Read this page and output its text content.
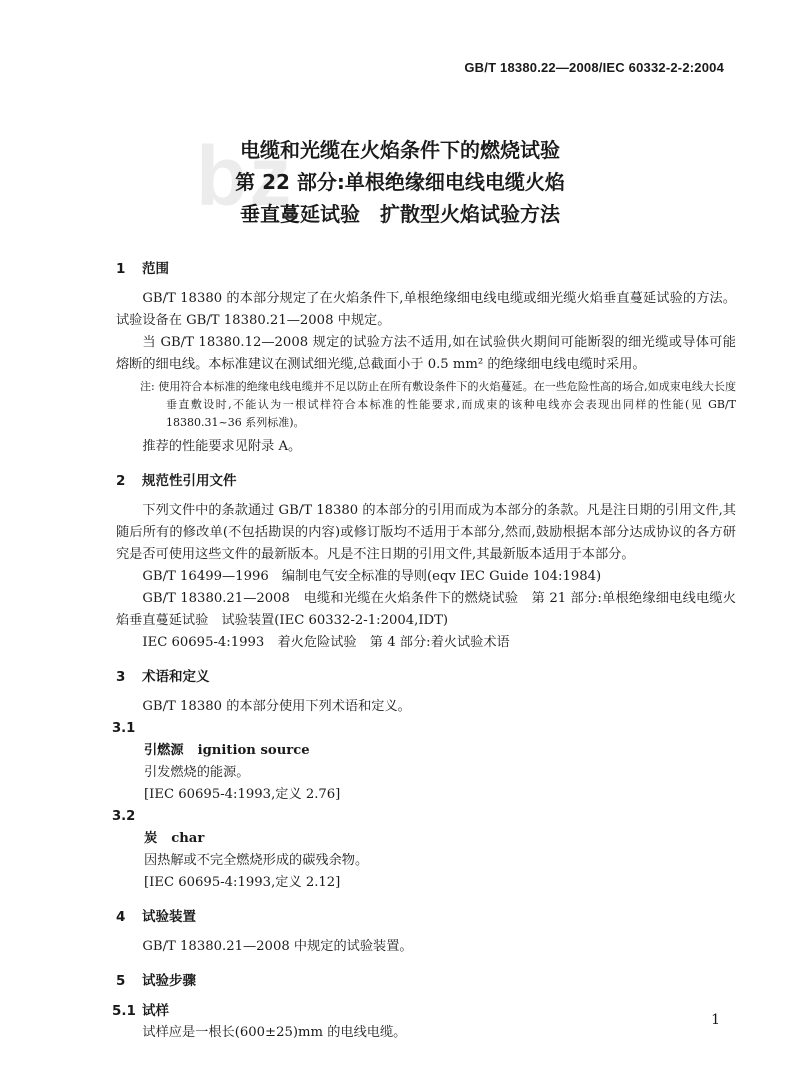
GB/T 18380.22—2008/IEC 60332-2-2:2004
bz
电缆和光缆在火焰条件下的燃烧试验
第 22 部分:单根绝缘细电线电缆火焰
垂直蔓延试验　扩散型火焰试验方法
1 范围

GB/T 18380 的本部分规定了在火焰条件下,单根绝缘细电线电缆或细光缆火焰垂直蔓延试验的方法。试验设备在 GB/T 18380.21—2008 中规定。

当 GB/T 18380.12—2008 规定的试验方法不适用,如在试验供火期间可能断裂的细光缆或导体可能熔断的细电线。本标准建议在测试细光缆,总截面小于 0.5 mm² 的绝缘细电线电缆时采用。

注: 使用符合本标准的绝缘电线电缆并不足以防止在所有敷设条件下的火焰蔓延。在一些危险性高的场合,如成束电线大长度垂直敷设时,不能认为一根试样符合本标准的性能要求,而成束的该种电线亦会表现出同样的性能(见 GB/T 18380.31~36 系列标准)。

推荐的性能要求见附录 A。

2 规范性引用文件

下列文件中的条款通过 GB/T 18380 的本部分的引用而成为本部分的条款。凡是注日期的引用文件,其随后所有的修改单(不包括勘误的内容)或修订版均不适用于本部分,然而,鼓励根据本部分达成协议的各方研究是否可使用这些文件的最新版本。凡是不注日期的引用文件,其最新版本适用于本部分。

GB/T 16499—1996　编制电气安全标准的导则(eqv IEC Guide 104:1984)

GB/T 18380.21—2008　电缆和光缆在火焰条件下的燃烧试验　第 21 部分:单根绝缘细电线电缆火焰垂直蔓延试验　试验装置(IEC 60332-2-1:2004,IDT)

IEC 60695-4:1993　着火危险试验　第 4 部分:着火试验术语

3 术语和定义

GB/T 18380 的本部分使用下列术语和定义。

3.1
引燃源 ignition source
引发燃烧的能源。
[IEC 60695-4:1993,定义 2.76]
3.2
炭 char
因热解或不完全燃烧形成的碳残余物。
[IEC 60695-4:1993,定义 2.12]
4 试验装置

GB/T 18380.21—2008 中规定的试验装置。

5 试验步骤
5.1 试样

试样应是一根长(600±25)mm 的电线电缆。

1
